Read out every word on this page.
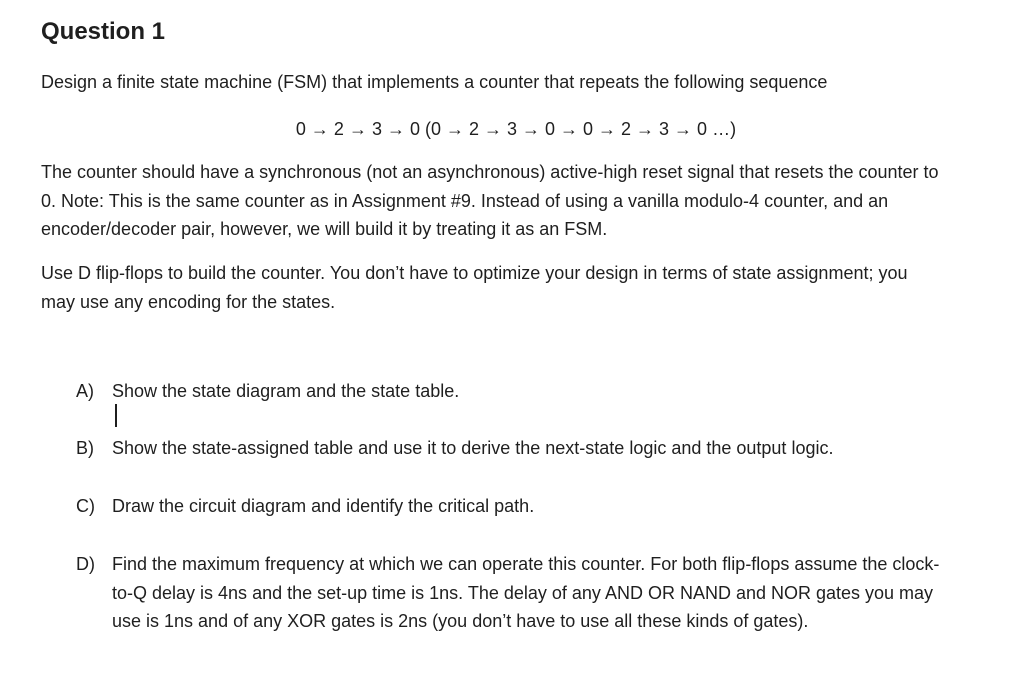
Question 1

Design a finite state machine (FSM) that implements a counter that repeats the following sequence

0 → 2 → 3 → 0 (0 → 2 → 3 → 0 → 0 → 2 → 3 → 0 …)

The counter should have a synchronous (not an asynchronous) active-high reset signal that resets the counter to 0. Note: This is the same counter as in Assignment #9. Instead of using a vanilla modulo-4 counter, and an encoder/decoder pair, however, we will build it by treating it as an FSM.

Use D flip-flops to build the counter. You don’t have to optimize your design in terms of state assignment; you may use any encoding for the states.

A)	Show the state diagram and the state table.
B)	Show the state-assigned table and use it to derive the next-state logic and the output logic.
C) Draw the circuit diagram and identify the critical path.
D) Find the maximum frequency at which we can operate this counter. For both flip-flops assume the clock-to-Q delay is 4ns and the set-up time is 1ns. The delay of any AND OR NAND and NOR gates you may use is 1ns and of any XOR gates is 2ns (you don’t have to use all these kinds of gates).
